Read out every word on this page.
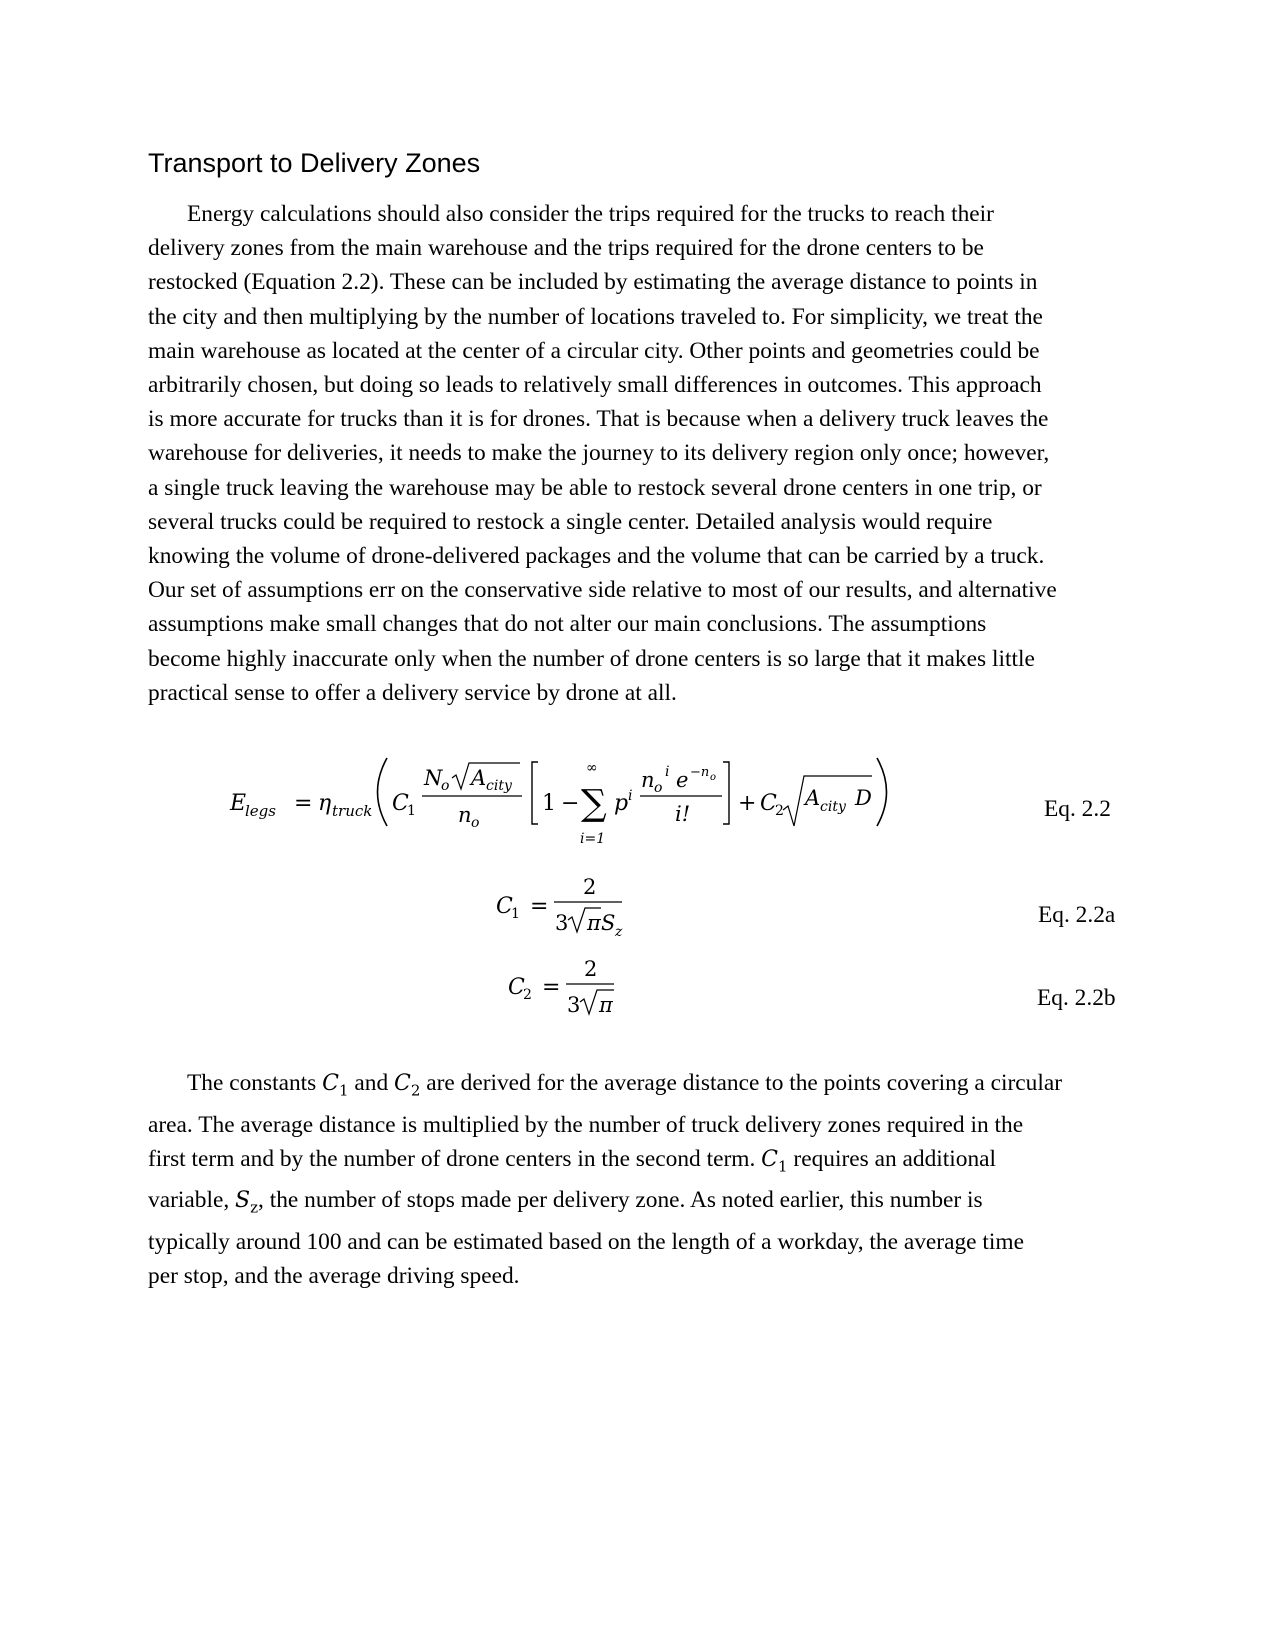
Transport to Delivery Zones
Energy calculations should also consider the trips required for the trucks to reach their
delivery zones from the main warehouse and the trips required for the drone centers to be
restocked (Equation 2.2). These can be included by estimating the average distance to points in
the city and then multiplying by the number of locations traveled to. For simplicity, we treat the
main warehouse as located at the center of a circular city. Other points and geometries could be
arbitrarily chosen, but doing so leads to relatively small differences in outcomes. This approach
is more accurate for trucks than it is for drones. That is because when a delivery truck leaves the
warehouse for deliveries, it needs to make the journey to its delivery region only once; however,
a single truck leaving the warehouse may be able to restock several drone centers in one trip, or
several trucks could be required to restock a single center. Detailed analysis would require
knowing the volume of drone-delivered packages and the volume that can be carried by a truck.
Our set of assumptions err on the conservative side relative to most of our results, and alternative
assumptions make small changes that do not alter our main conclusions. The assumptions
become highly inaccurate only when the number of drone centers is so large that it makes little
practical sense to offer a delivery service by drone at all.
E
legs = η truck C
1
N
o A city
n o
1 −
∞
∑
i=1
p i
n o
i e −n o
i! + C
2
A city D	Eq. 2.2
C
1 =
2
3 π S z
Eq. 2.2a
C
2 =
2
3 π	Eq. 2.2b
The constants $C_1$ and $C_2$ are derived for the average distance to the points covering a circular
area. The average distance is multiplied by the number of truck delivery zones required in the
first term and by the number of drone centers in the second term. $C_1$ requires an additional
variable, $S_z$, the number of stops made per delivery zone. As noted earlier, this number is
typically around 100 and can be estimated based on the length of a workday, the average time
per stop, and the average driving speed.
